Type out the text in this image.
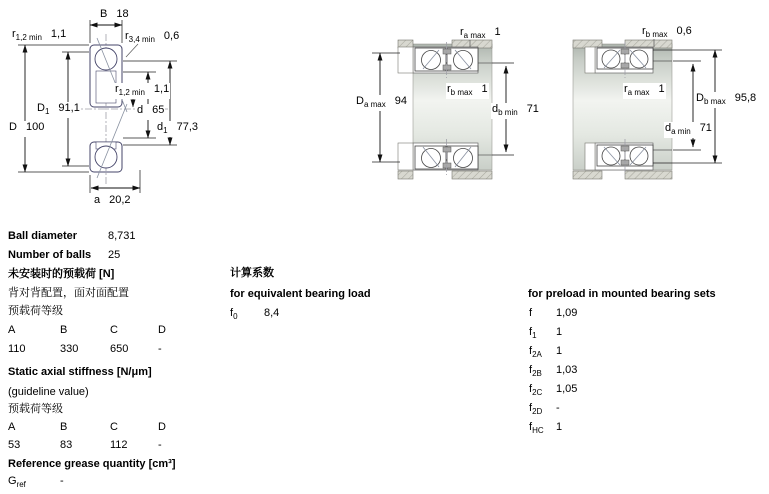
B 18
$r_{1,2 min}$ 1,1	$r_{3,4 min}$ 0,6
$D_1$ 91,1
D 100
$r_{1,2 min}$ 1,1
d 65
$d_1$ 77,3
a 20,2
$r_{a max}$ 1
$r_{b max}$ 1
$D_{a max}$ 94
$d_{b min}$ 71
$r_{b max}$ 0,6
$r_{a max}$ 1
$D_{b max}$ 95,8
$d_{a min}$ 71
Ball diameter	8,731
Number of balls 25
未安装时的预载荷 [N]
背对背配置，面对面配置
预载荷等级
A	B	C	D
110	330	650	-
Static axial stiffness [N/μm]
(guideline value)
预载荷等级
A	B	C	D
53	83	112	-
Reference grease quantity [cm³]
$G_{ref}$	-
计算系数
for equivalent bearing load
$f_0$ 8,4
for preload in mounted bearing sets
f 1,09
$f_1$ 1
$f_{2A}$ 1
$f_{2B}$ 1,03
$f_{2C}$ 1,05
$f_{2D}$ -
$f_{HC}$ 1
